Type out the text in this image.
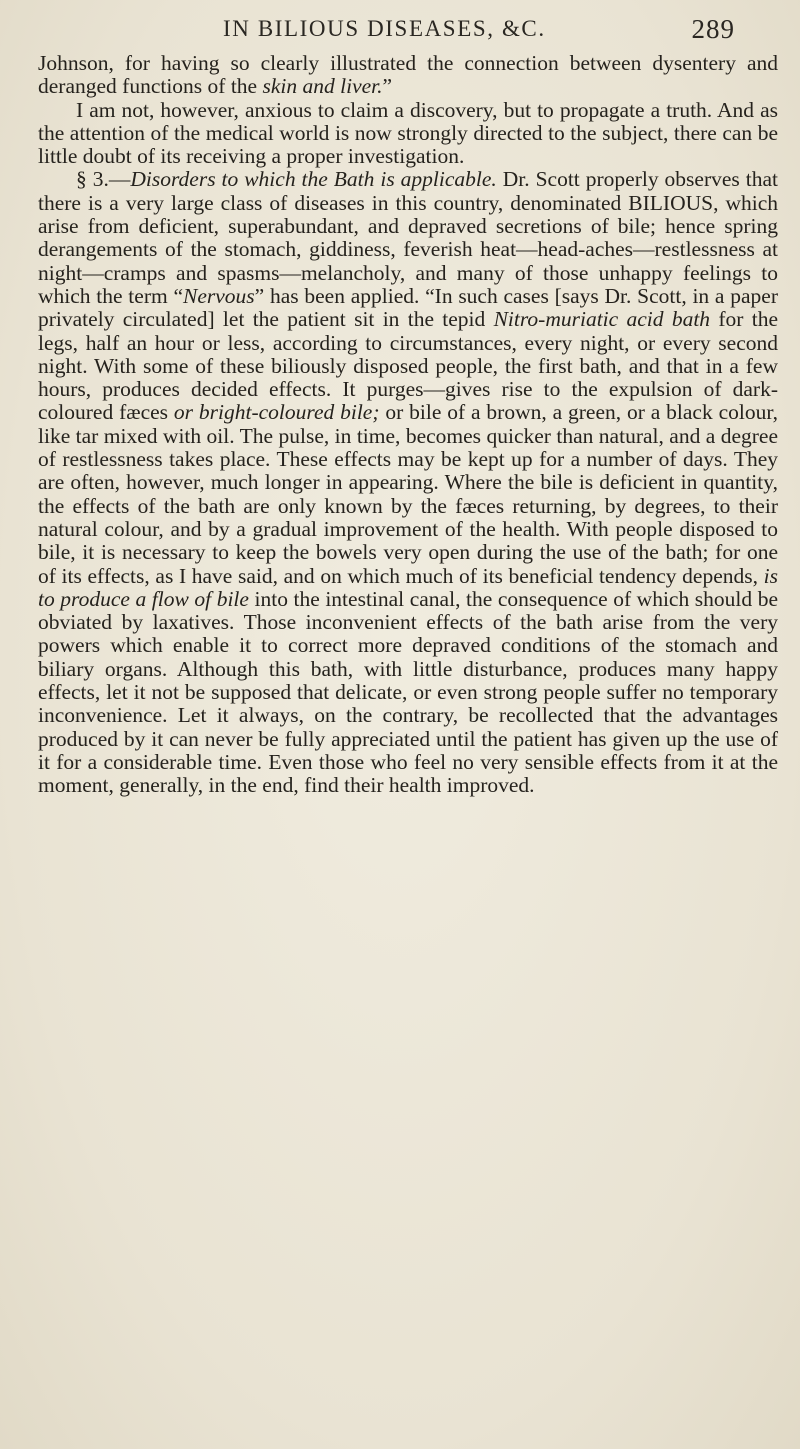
IN BILIOUS DISEASES, &C.	289

Johnson, for having so clearly illustrated the connection between dysentery and deranged functions of the skin and liver.”

I am not, however, anxious to claim a discovery, but to propagate a truth. And as the attention of the medical world is now strongly directed to the subject, there can be little doubt of its receiving a proper investigation.

§ 3.—Disorders to which the Bath is applicable. Dr. Scott properly observes that there is a very large class of diseases in this country, denominated BILIOUS, which arise from deficient, superabundant, and depraved secretions of bile; hence spring derangements of the stomach, giddiness, feverish heat—head-aches—restlessness at night—cramps and spasms—melancholy, and many of those unhappy feelings to which the term “Nervous” has been applied. “In such cases [says Dr. Scott, in a paper privately circulated] let the patient sit in the tepid Nitro-muriatic acid bath for the legs, half an hour or less, according to circumstances, every night, or every second night. With some of these biliously disposed people, the first bath, and that in a few hours, produces decided effects. It purges—gives rise to the expulsion of dark-coloured fæces or bright-coloured bile; or bile of a brown, a green, or a black colour, like tar mixed with oil. The pulse, in time, becomes quicker than natural, and a degree of restlessness takes place. These effects may be kept up for a number of days. They are often, however, much longer in appearing. Where the bile is deficient in quantity, the effects of the bath are only known by the fæces returning, by degrees, to their natural colour, and by a gradual improvement of the health. With people disposed to bile, it is necessary to keep the bowels very open during the use of the bath; for one of its effects, as I have said, and on which much of its beneficial tendency depends, is to produce a flow of bile into the intestinal canal, the consequence of which should be obviated by laxatives. Those inconvenient effects of the bath arise from the very powers which enable it to correct more depraved conditions of the stomach and biliary organs. Although this bath, with little disturbance, produces many happy effects, let it not be supposed that delicate, or even strong people suffer no temporary inconvenience. Let it always, on the contrary, be recollected that the advantages produced by it can never be fully appreciated until the patient has given up the use of it for a considerable time. Even those who feel no very sensible effects from it at the moment, generally, in the end, find their health improved.
